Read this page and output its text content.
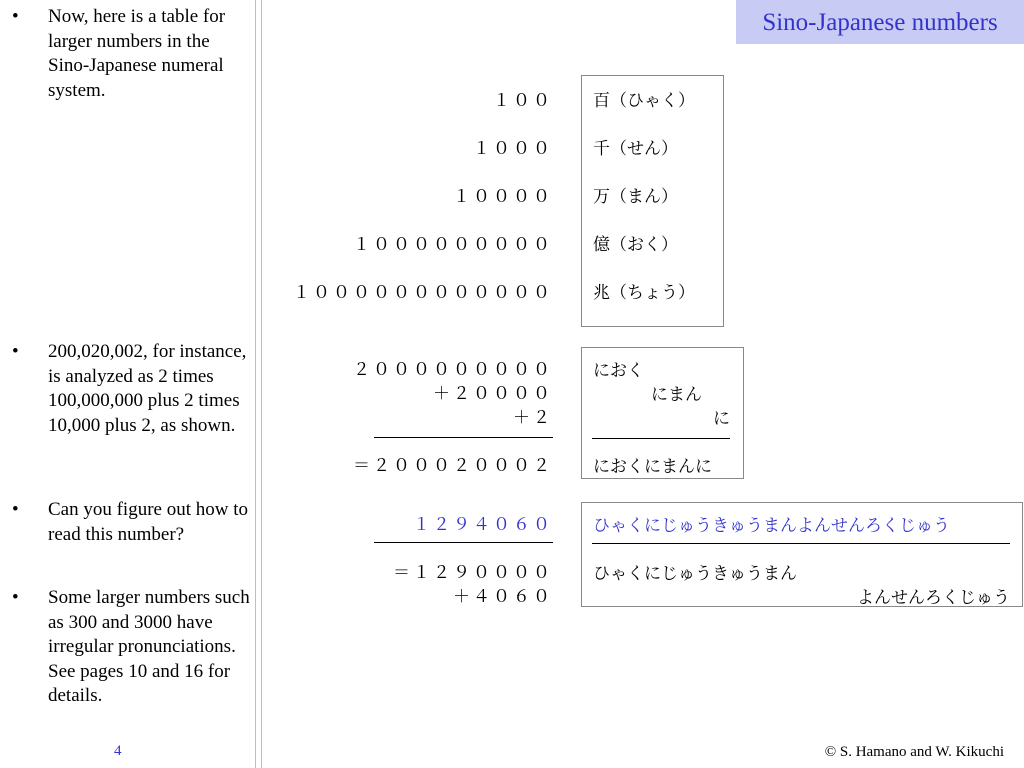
• Now, here is a table for larger numbers in the Sino-Japanese numeral system.
• 200,020,002, for instance, is analyzed as 2 times 100,000,000 plus 2 times 10,000 plus 2, as shown.
• Can you figure out how to read this number?
• Some larger numbers such as 300 and 3000 have irregular pronunciations. See pages 10 and 16 for details.
4
Sino-Japanese numbers
１００
１０００
１００００
１０００００００００
１００００００００００００
百（ひゃく）
千（せん）
万（まん）
億（おく）
兆（ちょう）
２０００００００００
＋２００００
＋２
＝２０００２０００２
におく
にまん
に
におくにまんに
１２９４０６０
＝１２９００００
＋４０６０
ひゃくにじゅうきゅうまんよんせんろくじゅう
ひゃくにじゅうきゅうまん
よんせんろくじゅう
© S. Hamano and W. Kikuchi
